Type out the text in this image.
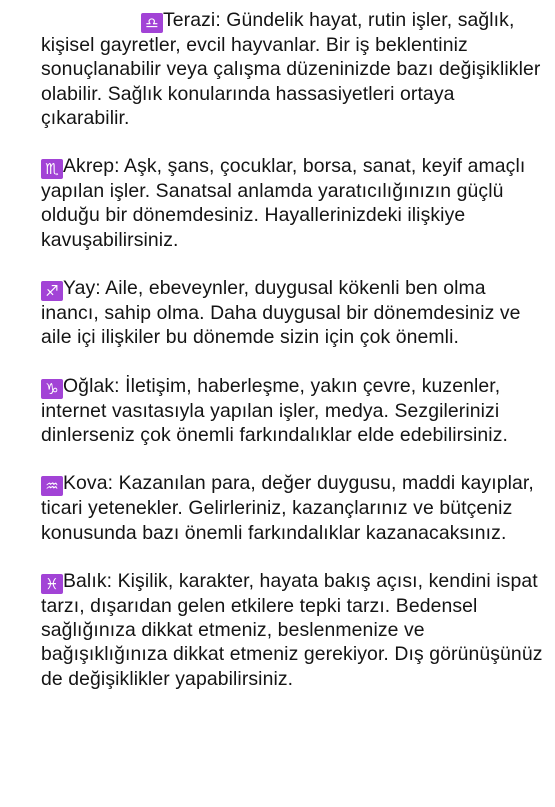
♎ Terazi: Gündelik hayat, rutin işler, sağlık, kişisel gayretler, evcil hayvanlar. Bir iş beklentiniz sonuçlanabilir veya çalışma düzeninizde bazı değişiklikler olabilir. Sağlık konularında hassasiyetleri ortaya çıkarabilir.

♏ Akrep: Aşk, şans, çocuklar, borsa, sanat, keyif amaçlı yapılan işler. Sanatsal anlamda yaratıcılığınızın güçlü olduğu bir dönemdesiniz. Hayallerinizdeki ilişkiye kavuşabilirsiniz.

♐ Yay: Aile, ebeveynler, duygusal kökenli ben olma inancı, sahip olma. Daha duygusal bir dönemdesiniz ve aile içi ilişkiler bu dönemde sizin için çok önemli.

♑ Oğlak: İletişim, haberleşme, yakın çevre, kuzenler, internet vasıtasıyla yapılan işler, medya. Sezgilerinizi dinlerseniz çok önemli farkındalıklar elde edebilirsiniz.

♒ Kova: Kazanılan para, değer duygusu, maddi kayıplar, ticari yetenekler. Gelirleriniz, kazançlarınız ve bütçeniz konusunda bazı önemli farkındalıklar kazanacaksınız.

♓ Balık: Kişilik, karakter, hayata bakış açısı, kendini ispat tarzı, dışarıdan gelen etkilere tepki tarzı. Bedensel sağlığınıza dikkat etmeniz, beslenmenize ve bağışıklığınıza dikkat etmeniz gerekiyor. Dış görünüşünüz de değişiklikler yapabilirsiniz.
